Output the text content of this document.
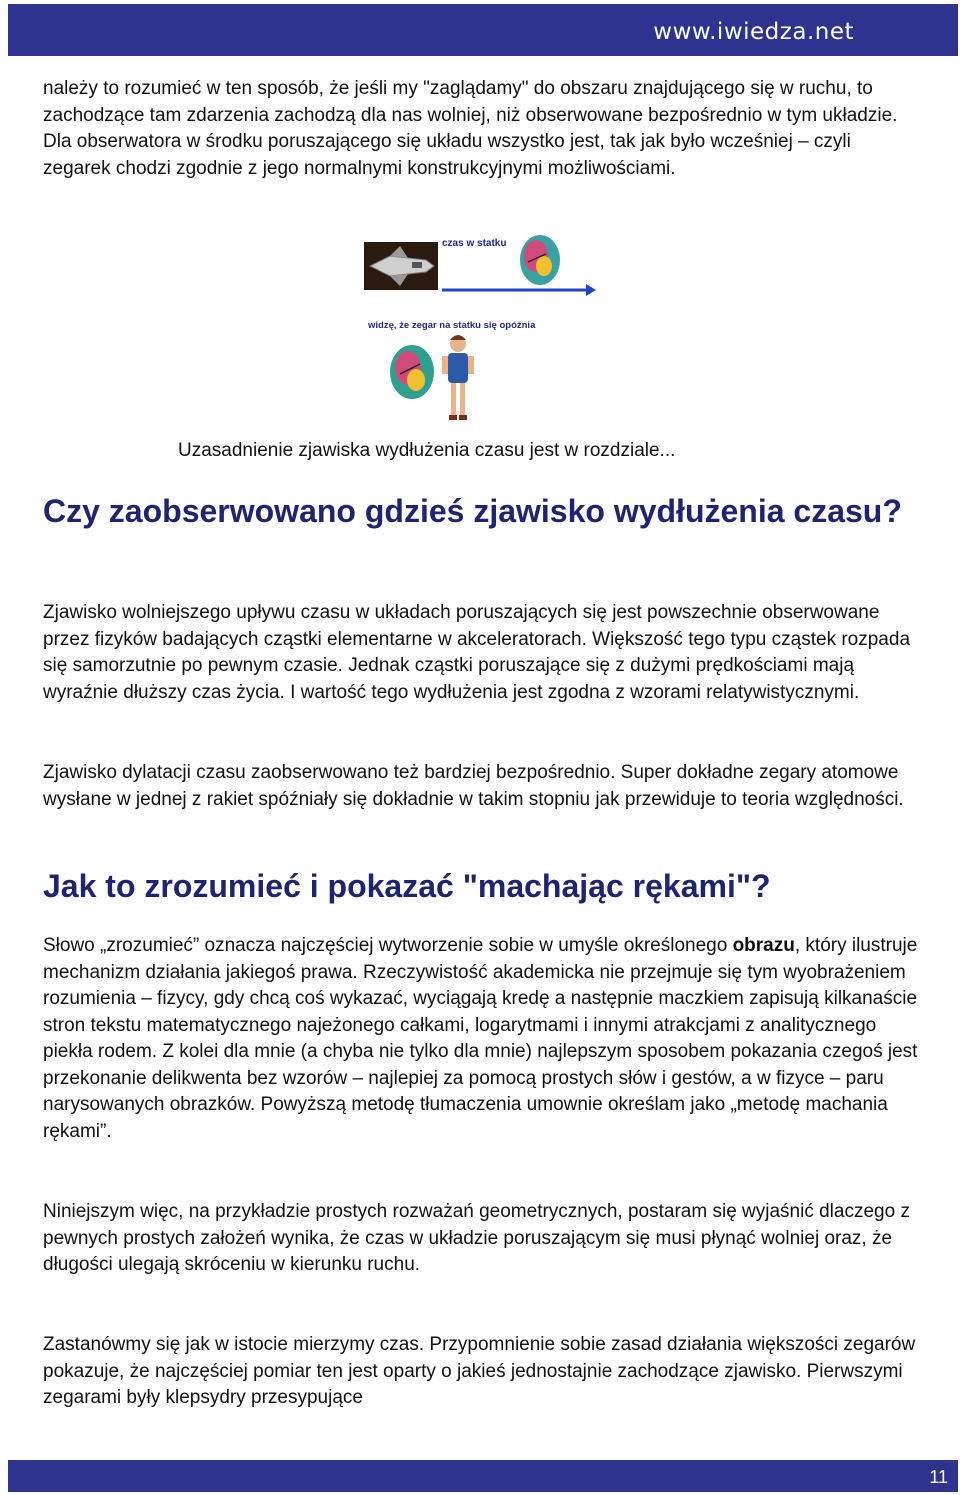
www.iwiedza.net

należy to rozumieć w ten sposób, że jeśli my "zaglądamy" do obszaru znajdującego się w ruchu, to zachodzące tam zdarzenia zachodzą dla nas wolniej, niż obserwowane bezpośrednio w tym układzie. Dla obserwatora w środku poruszającego się układu wszystko jest, tak jak było wcześniej – czyli zegarek chodzi zgodnie z jego normalnymi konstrukcyjnymi możliwościami.

czas w statku
widzę, że zegar na statku się opóźnia
Uzasadnienie zjawiska wydłużenia czasu jest w rozdziale...
Czy zaobserwowano gdzieś zjawisko wydłużenia czasu?

Zjawisko wolniejszego upływu czasu w układach poruszających się jest powszechnie obserwowane przez fizyków badających cząstki elementarne w akceleratorach. Większość tego typu cząstek rozpada się samorzutnie po pewnym czasie. Jednak cząstki poruszające się z dużymi prędkościami mają wyraźnie dłuższy czas życia. I wartość tego wydłużenia jest zgodna z wzorami relatywistycznymi.

Zjawisko dylatacji czasu zaobserwowano też bardziej bezpośrednio. Super dokładne zegary atomowe wysłane w jednej z rakiet spóźniały się dokładnie w takim stopniu jak przewiduje to teoria względności.

Jak to zrozumieć i pokazać "machając rękami"?

Słowo „zrozumieć” oznacza najczęściej wytworzenie sobie w umyśle określonego obrazu, który ilustruje mechanizm działania jakiegoś prawa. Rzeczywistość akademicka nie przejmuje się tym wyobrażeniem rozumienia – fizycy, gdy chcą coś wykazać, wyciągają kredę a następnie maczkiem zapisują kilkanaście stron tekstu matematycznego najeżonego całkami, logarytmami i innymi atrakcjami z analitycznego piekła rodem. Z kolei dla mnie (a chyba nie tylko dla mnie) najlepszym sposobem pokazania czegoś jest przekonanie delikwenta bez wzorów – najlepiej za pomocą prostych słów i gestów, a w fizyce – paru narysowanych obrazków. Powyższą metodę tłumaczenia umownie określam jako „metodę machania rękami”.

Niniejszym więc, na przykładzie prostych rozważań geometrycznych, postaram się wyjaśnić dlaczego z pewnych prostych założeń wynika, że czas w układzie poruszającym się musi płynąć wolniej oraz, że długości ulegają skróceniu w kierunku ruchu.

Zastanówmy się jak w istocie mierzymy czas. Przypomnienie sobie zasad działania większości zegarów pokazuje, że najczęściej pomiar ten jest oparty o jakieś jednostajnie zachodzące zjawisko. Pierwszymi zegarami były klepsydry przesypujące

11
